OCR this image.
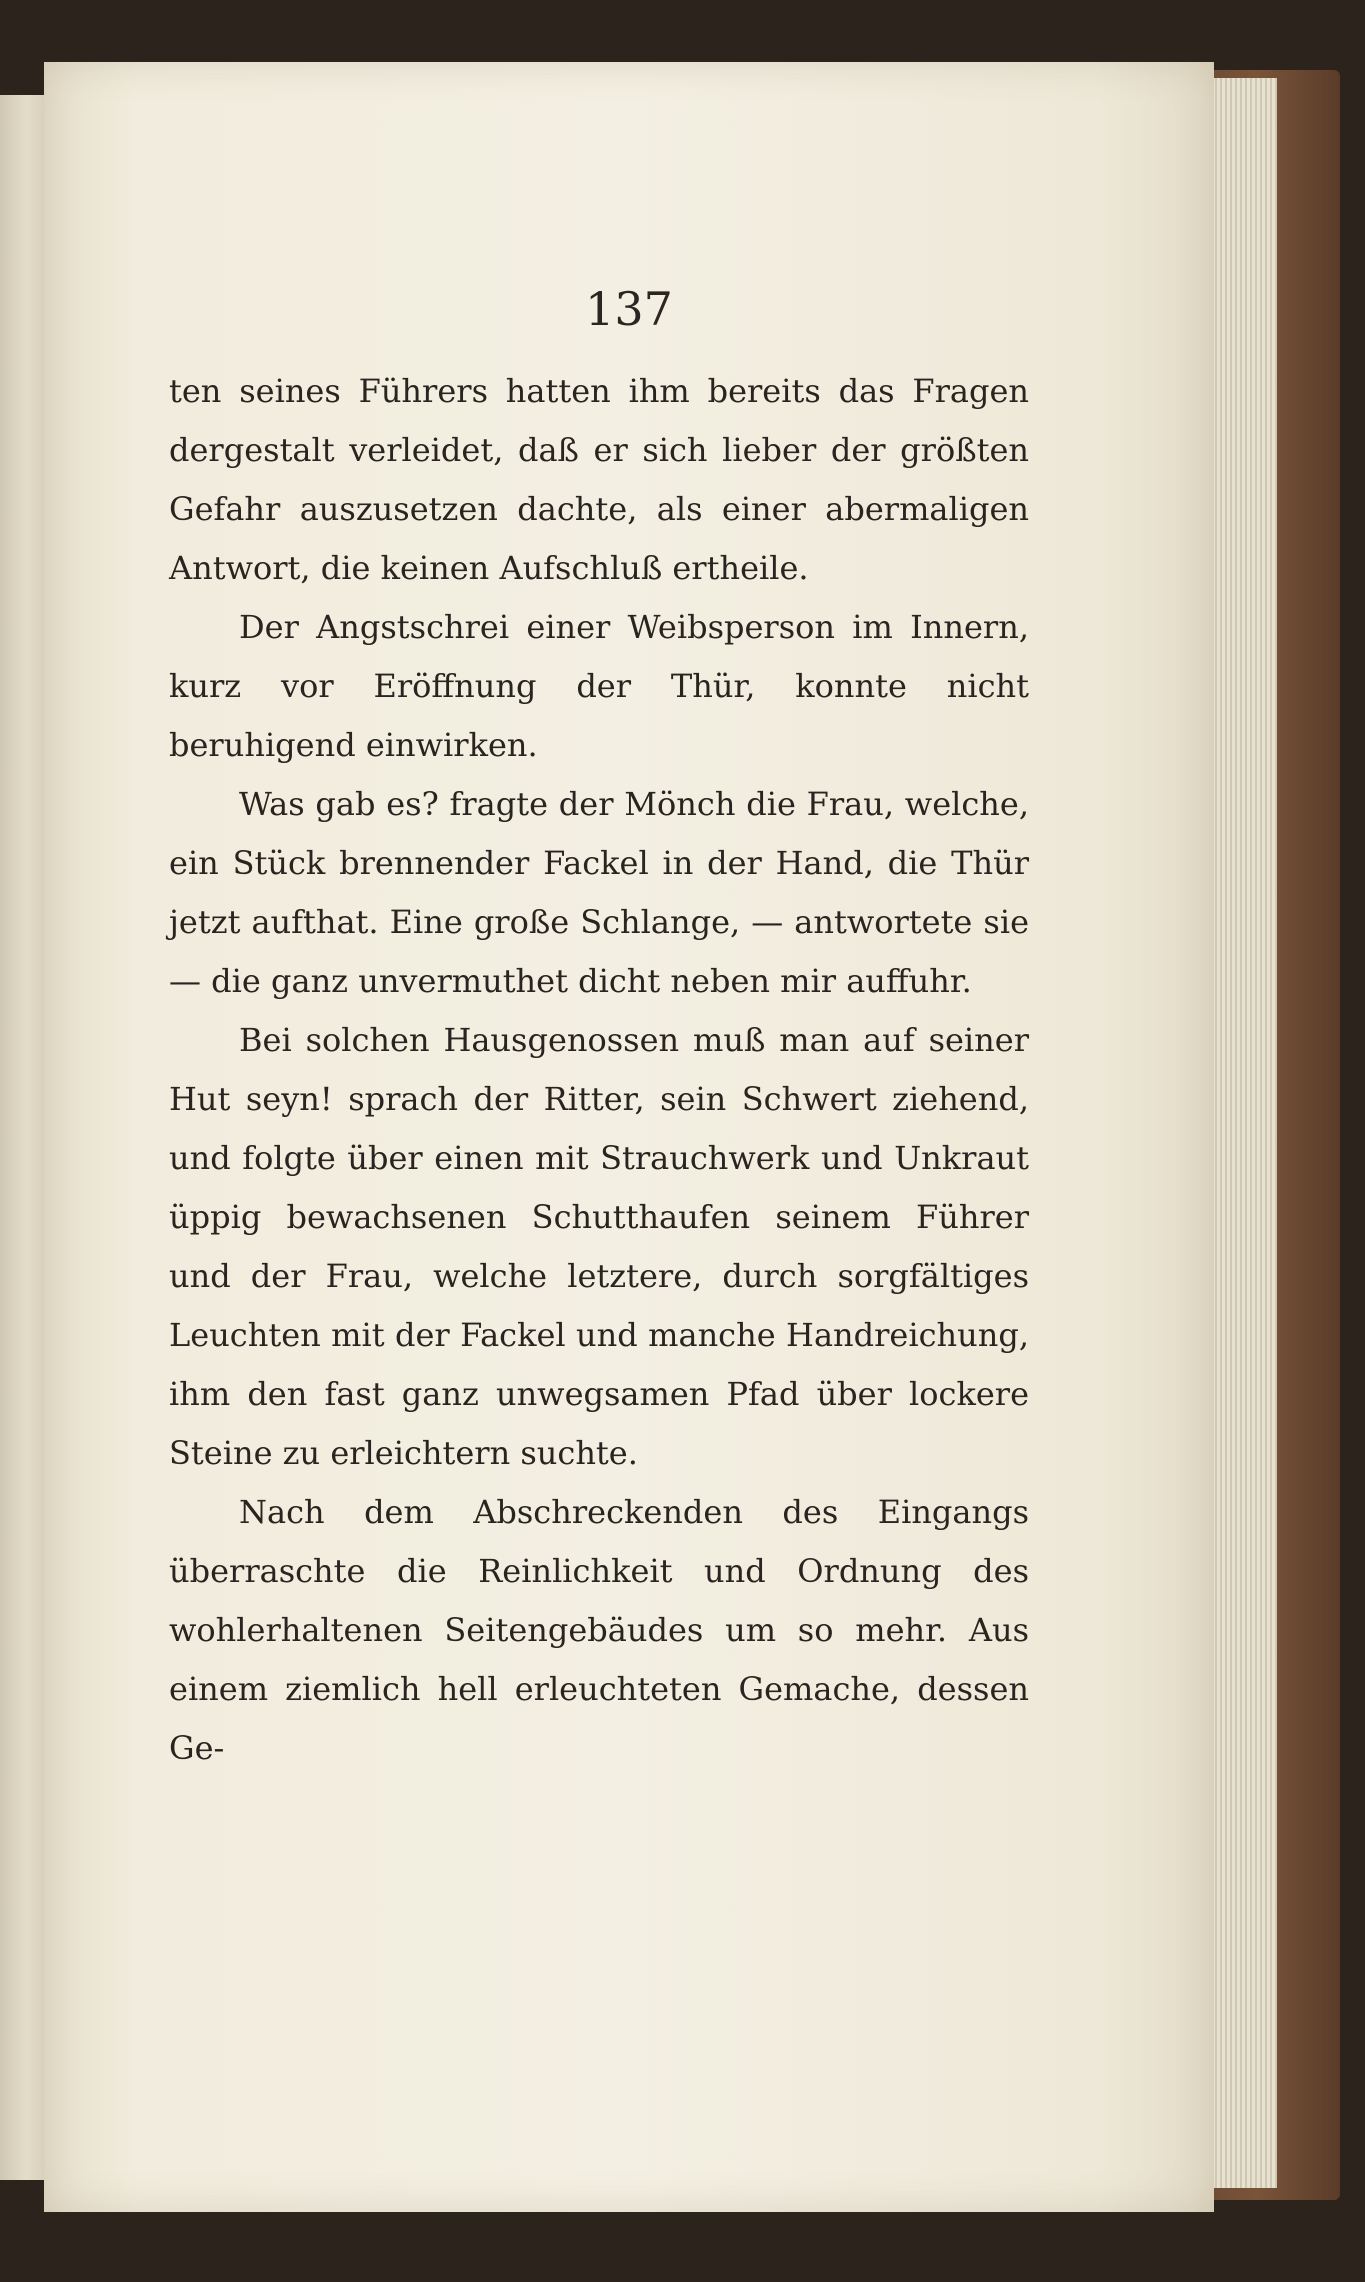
137

ten seines Führers hatten ihm bereits das Fragen dergestalt verleidet, daß er sich lieber der größten Gefahr auszusetzen dachte, als einer abermaligen Antwort, die keinen Aufschluß ertheile.

Der Angstschrei einer Weibsperson im Innern, kurz vor Eröffnung der Thür, konnte nicht beruhigend einwirken.

Was gab es? fragte der Mönch die Frau, welche, ein Stück brennender Fackel in der Hand, die Thür jetzt aufthat. Eine große Schlange, — antwortete sie — die ganz unvermuthet dicht neben mir auffuhr.

Bei solchen Hausgenossen muß man auf seiner Hut seyn! sprach der Ritter, sein Schwert ziehend, und folgte über einen mit Strauchwerk und Unkraut üppig bewachsenen Schutthaufen seinem Führer und der Frau, welche letztere, durch sorgfältiges Leuchten mit der Fackel und manche Handreichung, ihm den fast ganz unwegsamen Pfad über lockere Steine zu erleichtern suchte.

Nach dem Abschreckenden des Eingangs überraschte die Reinlichkeit und Ordnung des wohlerhaltenen Seitengebäudes um so mehr. Aus einem ziemlich hell erleuchteten Gemache, dessen Ge-
